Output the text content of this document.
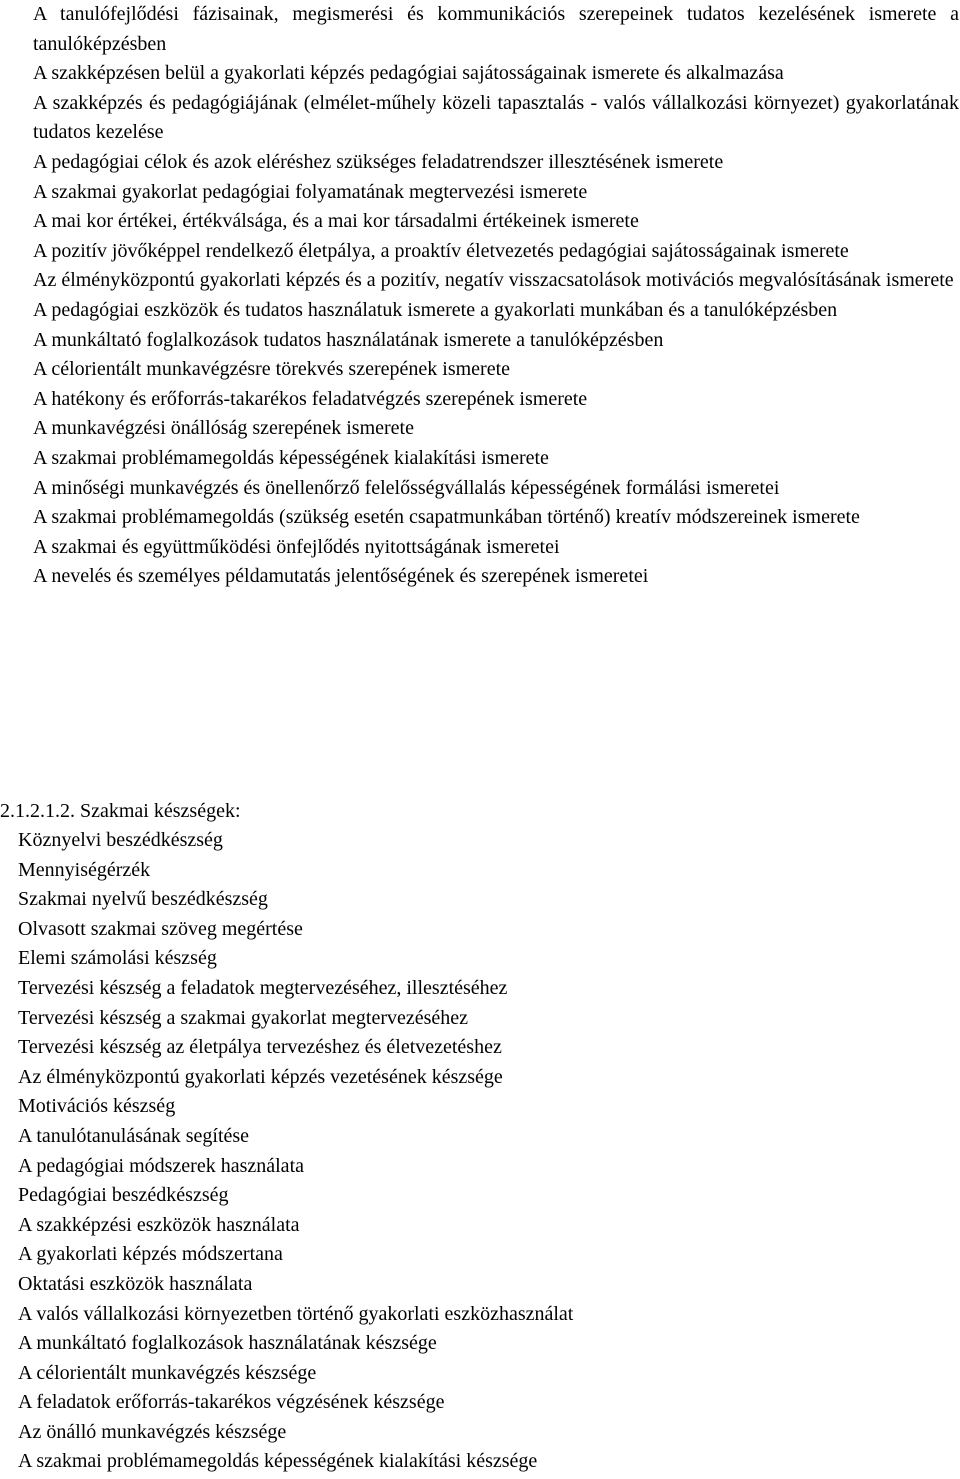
A tanulófejlődési fázisainak, megismerési és kommunikációs szerepeinek tudatos kezelésének ismerete a tanulóképzésben
A szakképzésen belül a gyakorlati képzés pedagógiai sajátosságainak ismerete és alkalmazása
A szakképzés és pedagógiájának (elmélet-műhely közeli tapasztalás - valós vállalkozási környezet) gyakorlatának tudatos kezelése
A pedagógiai célok és azok eléréshez szükséges feladatrendszer illesztésének ismerete
A szakmai gyakorlat pedagógiai folyamatának megtervezési ismerete
A mai kor értékei, értékválsága, és a mai kor társadalmi értékeinek ismerete
A pozitív jövőképpel rendelkező életpálya, a proaktív életvezetés pedagógiai sajátosságainak ismerete
Az élményközpontú gyakorlati képzés és a pozitív, negatív visszacsatolások motivációs megvalósításának ismerete
A pedagógiai eszközök és tudatos használatuk ismerete a gyakorlati munkában és a tanulóképzésben
A munkáltató foglalkozások tudatos használatának ismerete a tanulóképzésben
A célorientált munkavégzésre törekvés szerepének ismerete
A hatékony és erőforrás-takarékos feladatvégzés szerepének ismerete
A munkavégzési önállóság szerepének ismerete
A szakmai problémamegoldás képességének kialakítási ismerete
A minőségi munkavégzés és önellenőrző felelősségvállalás képességének formálási ismeretei
A szakmai problémamegoldás (szükség esetén csapatmunkában történő) kreatív módszereinek ismerete
A szakmai és együttműködési önfejlődés nyitottságának ismeretei
A nevelés és személyes példamutatás jelentőségének és szerepének ismeretei
2.1.2.1.2. Szakmai készségek:
Köznyelvi beszédkészség
Mennyiségérzék
Szakmai nyelvű beszédkészség
Olvasott szakmai szöveg megértése
Elemi számolási készség
Tervezési készség a feladatok megtervezéséhez, illesztéséhez
Tervezési készség a szakmai gyakorlat megtervezéséhez
Tervezési készség az életpálya tervezéshez és életvezetéshez
Az élményközpontú gyakorlati képzés vezetésének készsége
Motivációs készség
A tanulótanulásának segítése
A pedagógiai módszerek használata
Pedagógiai beszédkészség
A szakképzési eszközök használata
A gyakorlati képzés módszertana
Oktatási eszközök használata
A valós vállalkozási környezetben történő gyakorlati eszközhasználat
A munkáltató foglalkozások használatának készsége
A célorientált munkavégzés készsége
A feladatok erőforrás-takarékos végzésének készsége
Az önálló munkavégzés készsége
A szakmai problémamegoldás képességének kialakítási készsége
